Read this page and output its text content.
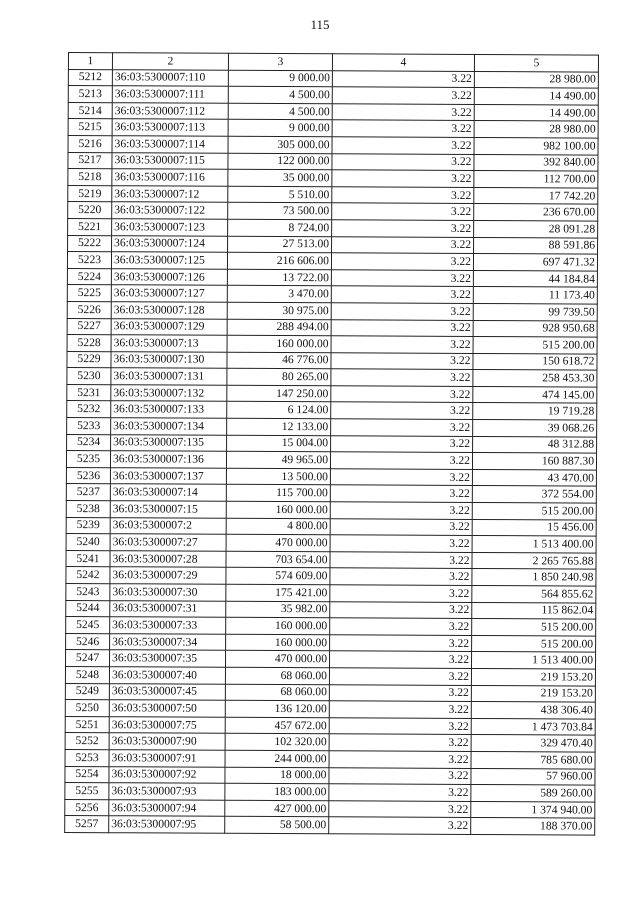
115
1	2	3	4	5
5212	36:03:5300007:110	9 000.00	3.22	28 980.00
5213	36:03:5300007:111	4 500.00	3.22	14 490.00
5214	36:03:5300007:112	4 500.00	3.22	14 490.00
5215	36:03:5300007:113	9 000.00	3.22	28 980.00
5216	36:03:5300007:114	305 000.00	3.22	982 100.00
5217	36:03:5300007:115	122 000.00	3.22	392 840.00
5218	36:03:5300007:116	35 000.00	3.22	112 700.00
5219	36:03:5300007:12	5 510.00	3.22	17 742.20
5220	36:03:5300007:122	73 500.00	3.22	236 670.00
5221	36:03:5300007:123	8 724.00	3.22	28 091.28
5222	36:03:5300007:124	27 513.00	3.22	88 591.86
5223	36:03:5300007:125	216 606.00	3.22	697 471.32
5224	36:03:5300007:126	13 722.00	3.22	44 184.84
5225	36:03:5300007:127	3 470.00	3.22	11 173.40
5226	36:03:5300007:128	30 975.00	3.22	99 739.50
5227	36:03:5300007:129	288 494.00	3.22	928 950.68
5228	36:03:5300007:13	160 000.00	3.22	515 200.00
5229	36:03:5300007:130	46 776.00	3.22	150 618.72
5230	36:03:5300007:131	80 265.00	3.22	258 453.30
5231	36:03:5300007:132	147 250.00	3.22	474 145.00
5232	36:03:5300007:133	6 124.00	3.22	19 719.28
5233	36:03:5300007:134	12 133.00	3.22	39 068.26
5234	36:03:5300007:135	15 004.00	3.22	48 312.88
5235	36:03:5300007:136	49 965.00	3.22	160 887.30
5236	36:03:5300007:137	13 500.00	3.22	43 470.00
5237	36:03:5300007:14	115 700.00	3.22	372 554.00
5238	36:03:5300007:15	160 000.00	3.22	515 200.00
5239	36:03:5300007:2	4 800.00	3.22	15 456.00
5240	36:03:5300007:27	470 000.00	3.22	1 513 400.00
5241	36:03:5300007:28	703 654.00	3.22	2 265 765.88
5242	36:03:5300007:29	574 609.00	3.22	1 850 240.98
5243	36:03:5300007:30	175 421.00	3.22	564 855.62
5244	36:03:5300007:31	35 982.00	3.22	115 862.04
5245	36:03:5300007:33	160 000.00	3.22	515 200.00
5246	36:03:5300007:34	160 000.00	3.22	515 200.00
5247	36:03:5300007:35	470 000.00	3.22	1 513 400.00
5248	36:03:5300007:40	68 060.00	3.22	219 153.20
5249	36:03:5300007:45	68 060.00	3.22	219 153.20
5250	36:03:5300007:50	136 120.00	3.22	438 306.40
5251	36:03:5300007:75	457 672.00	3.22	1 473 703.84
5252	36:03:5300007:90	102 320.00	3.22	329 470.40
5253	36:03:5300007:91	244 000.00	3.22	785 680.00
5254	36:03:5300007:92	18 000.00	3.22	57 960.00
5255	36:03:5300007:93	183 000.00	3.22	589 260.00
5256	36:03:5300007:94	427 000.00	3.22	1 374 940.00
5257	36:03:5300007:95	58 500.00	3.22	188 370.00
